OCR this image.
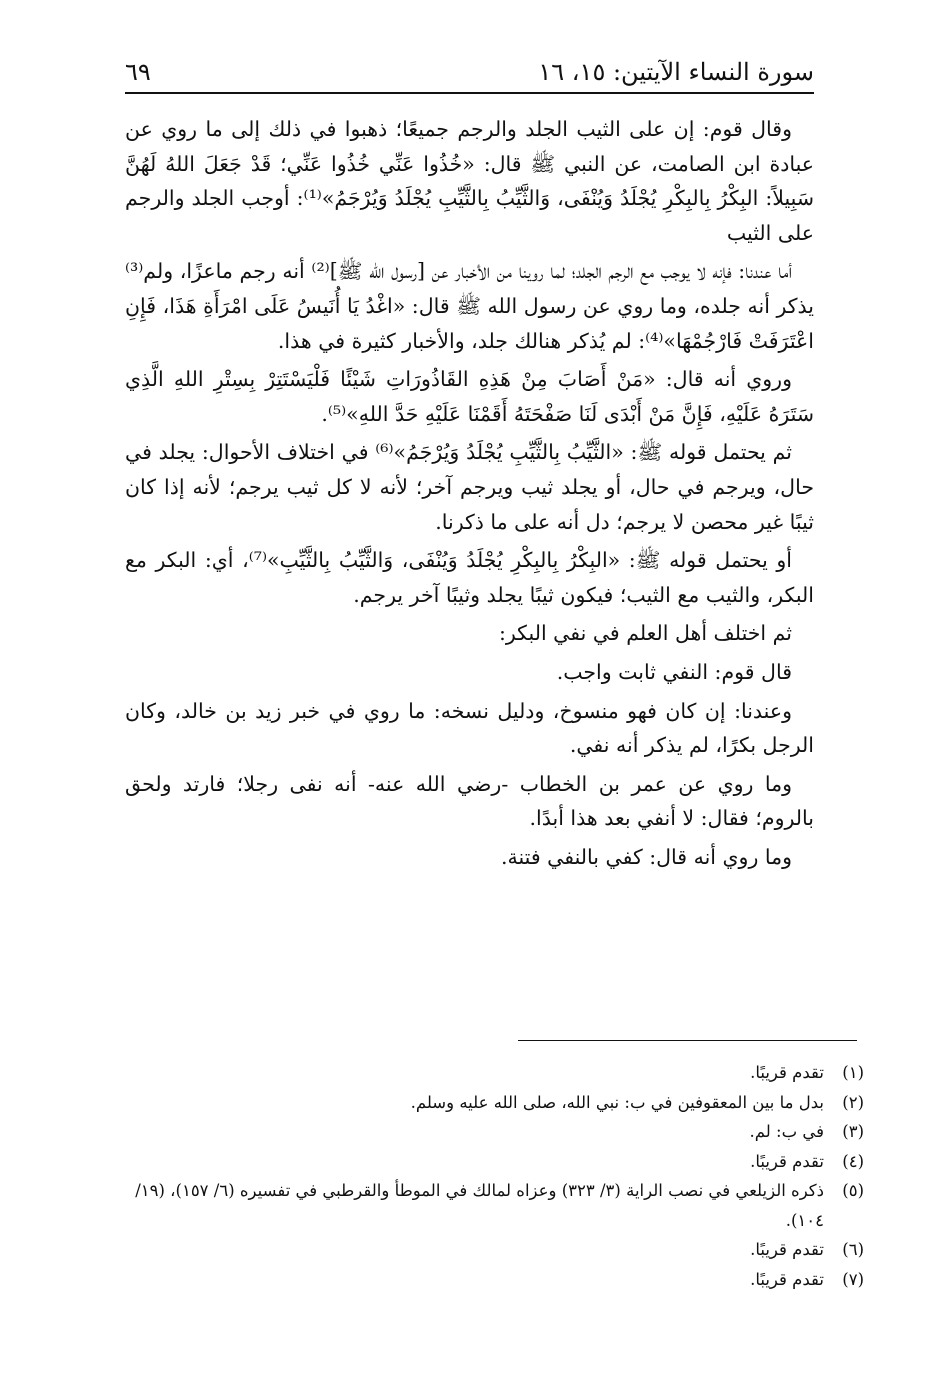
سورة النساء الآيتين: ١٥، ١٦
٦٩

وقال قوم: إن على الثيب الجلد والرجم جميعًا؛ ذهبوا في ذلك إلى ما روي عن عبادة ابن الصامت، عن النبي ﷺ قال: «خُذُوا عَنِّي خُذُوا عَنِّي؛ قَدْ جَعَلَ اللهُ لَهُنَّ سَبِيلاً: البِكْرُ بِالبِكْرِ يُجْلَدُ وَيُنْفَى، وَالثَّيِّبُ بِالثَّيِّبِ يُجْلَدُ وَيُرْجَمُ»⁽¹⁾: أوجب الجلد والرجم على الثيب

أما عندنا: فإنه لا يوجب مع الرجم الجلد؛ لما روينا من الأخبار عن [رسول الله ﷺ]⁽²⁾ أنه رجم ماعزًا، ولم⁽³⁾ يذكر أنه جلده، وما روي عن رسول الله ﷺ قال: «اغْدُ يَا أُنَيسُ عَلَى امْرَأَةِ هَذَا، فَإِنِ اعْتَرَفَتْ فَارْجُمْهَا»⁽⁴⁾: لم يُذكر هنالك جلد، والأخبار كثيرة في هذا.

وروي أنه قال: «مَنْ أَصَابَ مِنْ هَذِهِ القَاذُورَاتِ شَيْئًا فَلْيَسْتَتِرْ بِسِتْرِ اللهِ الَّذِي سَتَرَهُ عَلَيْهِ، فَإِنَّ مَنْ أَبْدَى لَنَا صَفْحَتَهُ أَقَمْنَا عَلَيْهِ حَدَّ اللهِ»⁽⁵⁾.

ثم يحتمل قوله ﷺ: «الثَّيِّبُ بِالثَّيِّبِ يُجْلَدُ وَيُرْجَمُ»⁽⁶⁾ في اختلاف الأحوال: يجلد في حال، ويرجم في حال، أو يجلد ثيب ويرجم آخر؛ لأنه لا كل ثيب يرجم؛ لأنه إذا كان ثيبًا غير محصن لا يرجم؛ دل أنه على ما ذكرنا.

أو يحتمل قوله ﷺ: «البِكْرُ بِالبِكْرِ يُجْلَدُ وَيُنْفَى، وَالثَّيِّبُ بِالثَّيِّبِ»⁽⁷⁾، أي: البكر مع البكر، والثيب مع الثيب؛ فيكون ثيبًا يجلد وثيبًا آخر يرجم.

ثم اختلف أهل العلم في نفي البكر:

قال قوم: النفي ثابت واجب.

وعندنا: إن كان فهو منسوخ، ودليل نسخه: ما روي في خبر زيد بن خالد، وكان الرجل بكرًا، لم يذكر أنه نفي.

وما روي عن عمر بن الخطاب -رضي الله عنه- أنه نفى رجلا؛ فارتد ولحق بالروم؛ فقال: لا أنفي بعد هذا أبدًا.

وما روي أنه قال: كفي بالنفي فتنة.

(١)
تقدم قريبًا.
(٢)
بدل ما بين المعقوفين في ب: نبي الله، صلى الله عليه وسلم.
(٣)
في ب: لم.
(٤)
تقدم قريبًا.
(٥)
ذكره الزيلعي في نصب الراية (٣/ ٣٢٣) وعزاه لمالك في الموطأ والقرطبي في تفسيره (٦/ ١٥٧)، (١٩/ ١٠٤).
(٦)
تقدم قريبًا.
(٧)
تقدم قريبًا.
